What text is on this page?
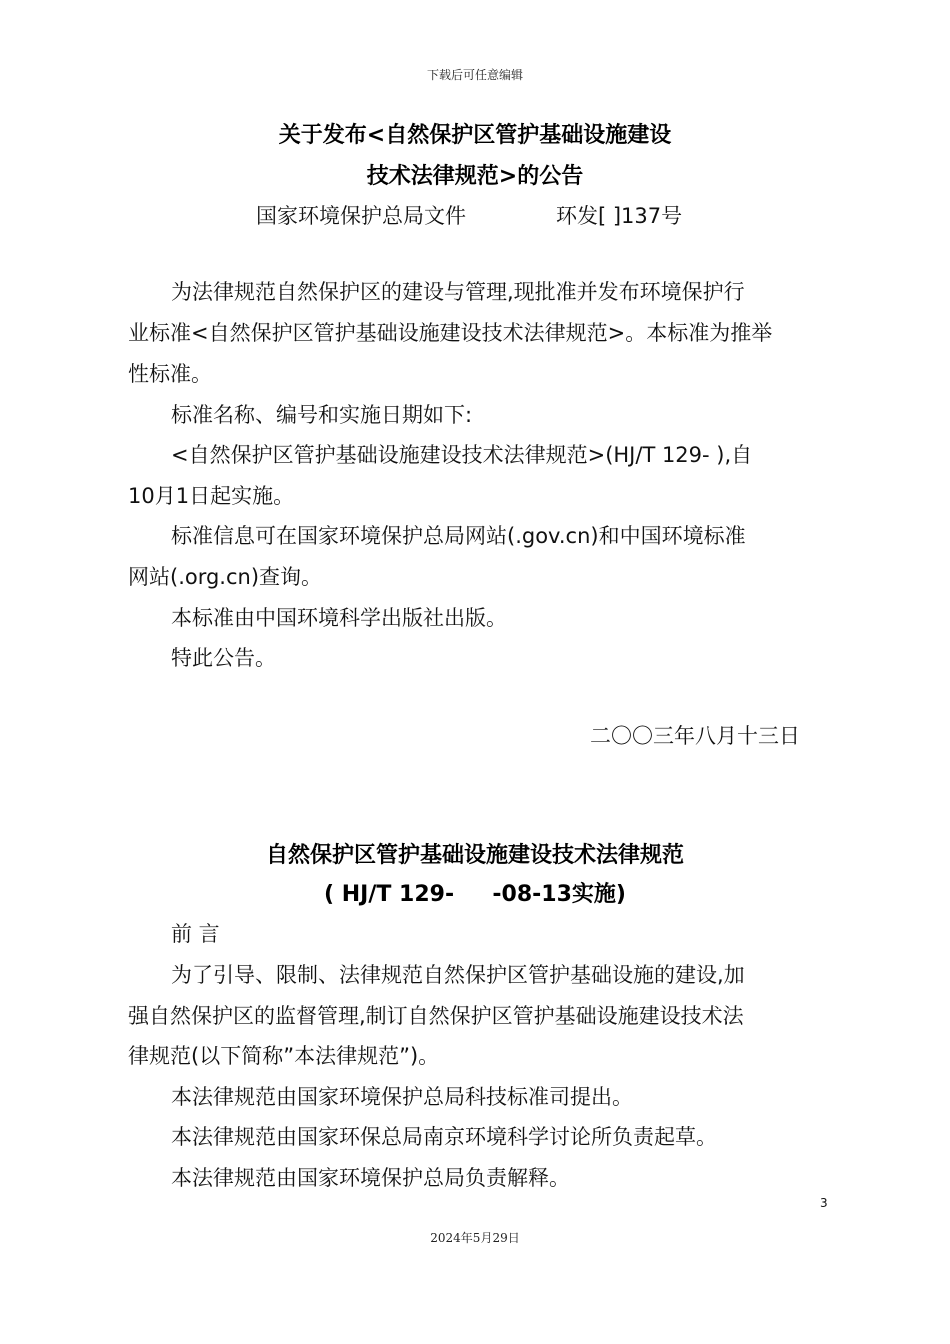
下载后可任意编辑
关于发布<自然保护区管护基础设施建设
技术法律规范>的公告
国家环境保护总局文件	环发[ ]137号
为法律规范自然保护区的建设与管理,现批准并发布环境保护行
业标准<自然保护区管护基础设施建设技术法律规范>。本标准为推举
性标准。
标准名称、编号和实施日期如下:
<自然保护区管护基础设施建设技术法律规范>(HJ/T 129- ),自
10月1日起实施。
标准信息可在国家环境保护总局网站(.gov.cn)和中国环境标准
网站(.org.cn)查询。
本标准由中国环境科学出版社出版。
特此公告。
二〇〇三年八月十三日
自然保护区管护基础设施建设技术法律规范
( HJ/T 129-     -08-13实施)
前 言
为了引导、限制、法律规范自然保护区管护基础设施的建设,加
强自然保护区的监督管理,制订自然保护区管护基础设施建设技术法
律规范(以下简称”本法律规范”)。
本法律规范由国家环境保护总局科技标准司提出。
本法律规范由国家环保总局南京环境科学讨论所负责起草。
本法律规范由国家环境保护总局负责解释。
3
2024年5月29日
